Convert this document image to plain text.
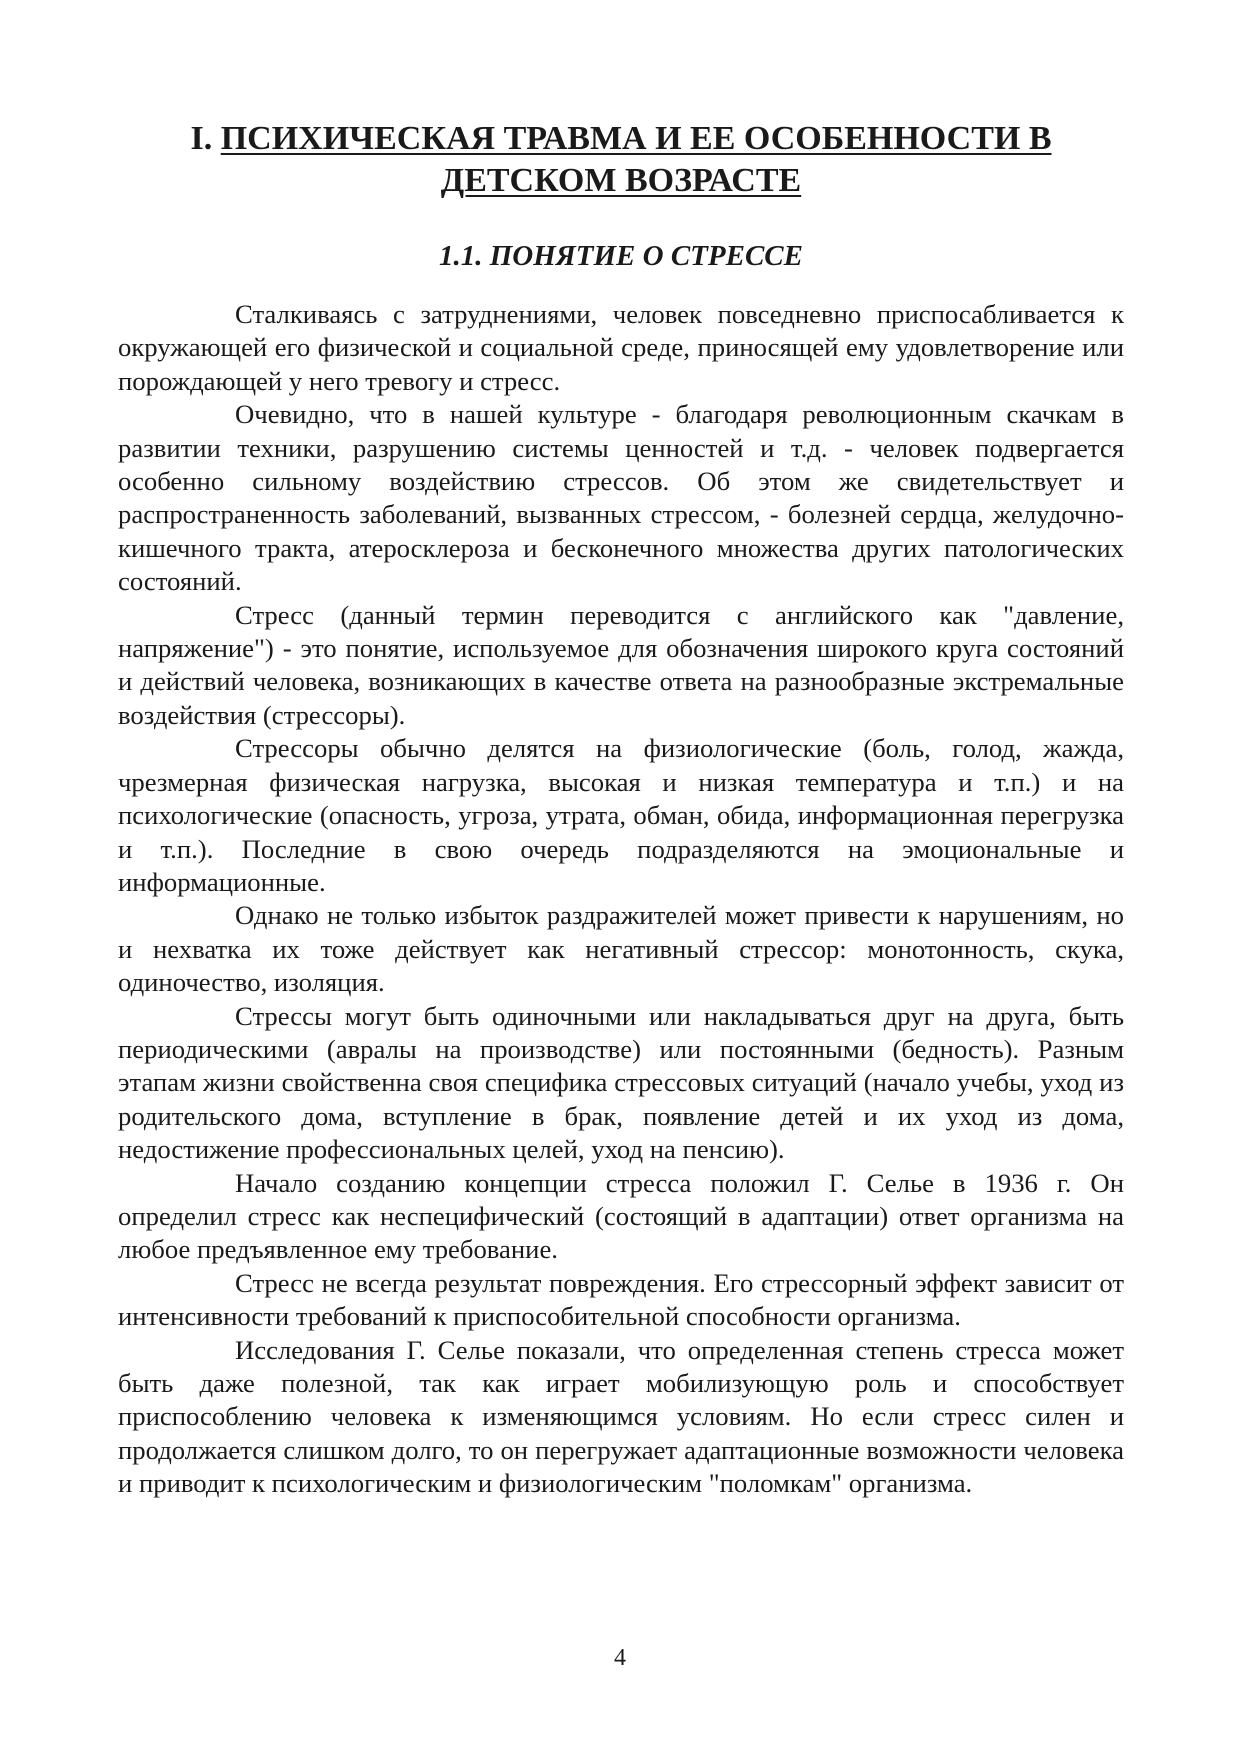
I. ПСИХИЧЕСКАЯ ТРАВМА И ЕЕ ОСОБЕННОСТИ В
ДЕТСКОМ ВОЗРАСТЕ
1.1. ПОНЯТИЕ О СТРЕССЕ

Сталкиваясь с затруднениями, человек повседневно приспосабливается к окружающей его физической и социальной среде, приносящей ему удовлетворение или порождающей у него тревогу и стресс.

Очевидно, что в нашей культуре - благодаря революционным скачкам в развитии техники, разрушению системы ценностей и т.д. - человек подвергается особенно сильному воздействию стрессов. Об этом же свидетельствует и распространенность заболеваний, вызванных стрессом, - болезней сердца, желудочно-кишечного тракта, атеросклероза и бесконечного множества других патологических состояний.

Стресс (данный термин переводится с английского как "давление, напряжение") - это понятие, используемое для обозначения широкого круга состояний и действий человека, возникающих в качестве ответа на разнообразные экстремальные воздействия (стрессоры).

Стрессоры обычно делятся на физиологические (боль, голод, жажда, чрезмерная физическая нагрузка, высокая и низкая температура и т.п.) и на психологические (опасность, угроза, утрата, обман, обида, информационная перегрузка и т.п.). Последние в свою очередь подразделяются на эмоциональные и информационные.

Однако не только избыток раздражителей может привести к нарушениям, но и нехватка их тоже действует как негативный стрессор: монотонность, скука, одиночество, изоляция.

Стрессы могут быть одиночными или накладываться друг на друга, быть периодическими (авралы на производстве) или постоянными (бедность). Разным этапам жизни свойственна своя специфика стрессовых ситуаций (начало учебы, уход из родительского дома, вступление в брак, появление детей и их уход из дома, недостижение профессиональных целей, уход на пенсию).

Начало созданию концепции стресса положил Г. Селье в 1936 г. Он определил стресс как неспецифический (состоящий в адаптации) ответ организма на любое предъявленное ему требование.

Стресс не всегда результат повреждения. Его стрессорный эффект зависит от интенсивности требований к приспособительной способности организма.

Исследования Г. Селье показали, что определенная степень стресса может быть даже полезной, так как играет мобилизующую роль и способствует приспособлению человека к изменяющимся условиям. Но если стресс силен и продолжается слишком долго, то он перегружает адаптационные возможности человека и приводит к психологическим и физиологическим "поломкам" организма.

4
